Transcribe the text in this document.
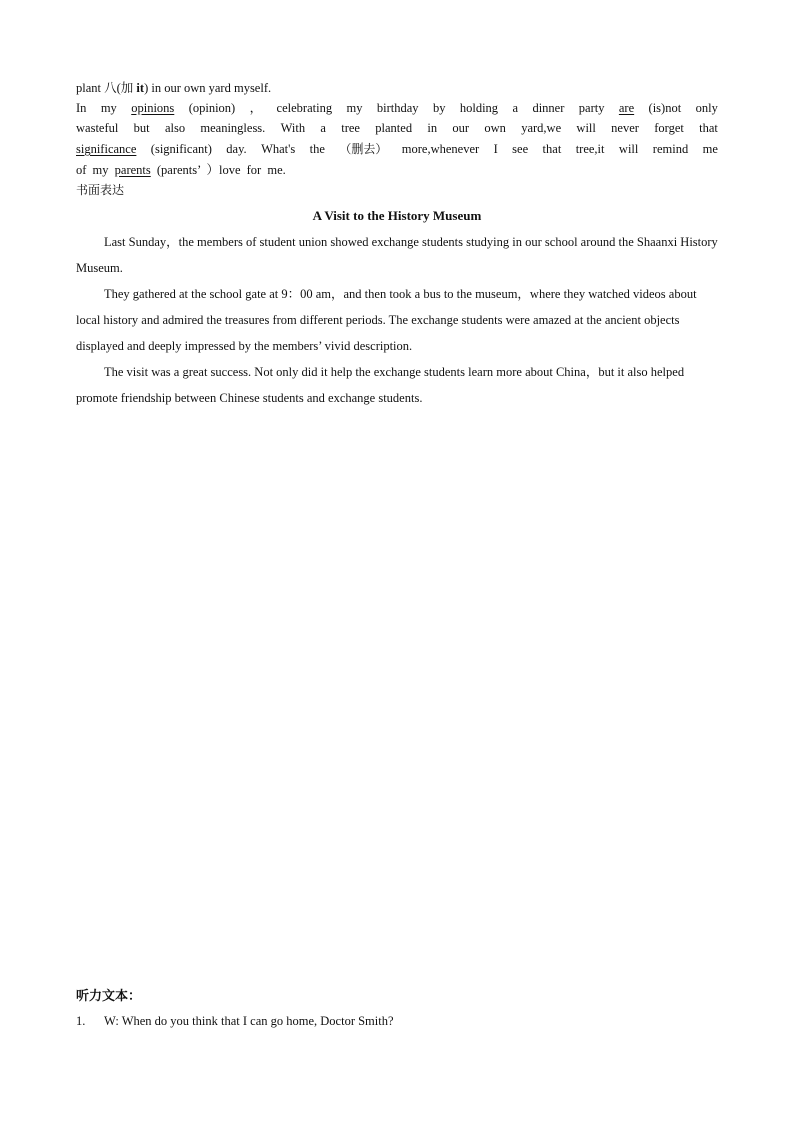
plant 八(加 it) in our own yard myself.
In my opinions (opinion) ， celebrating my birthday by holding a dinner party are (is)not only
wasteful but also meaningless. With a tree planted in our own yard,we will never forget that
significance (significant) day. What's the （删去） more,whenever I see that tree,it will remind me
of my parents (parents’ ）love for me.
书面表达
A Visit to the History Museum
Last Sunday，the members of student union showed exchange students studying in our school around the Shaanxi History Museum.
They gathered at the school gate at 9：00 am，and then took a bus to the museum，where they watched videos about local history and admired the treasures from different periods. The exchange students were amazed at the ancient objects displayed and deeply impressed by the members’ vivid description.
The visit was a great success. Not only did it help the exchange students learn more about China，but it also helped promote friendship between Chinese students and exchange students.
听力文本：
1. W: When do you think that I can go home, Doctor Smith?
